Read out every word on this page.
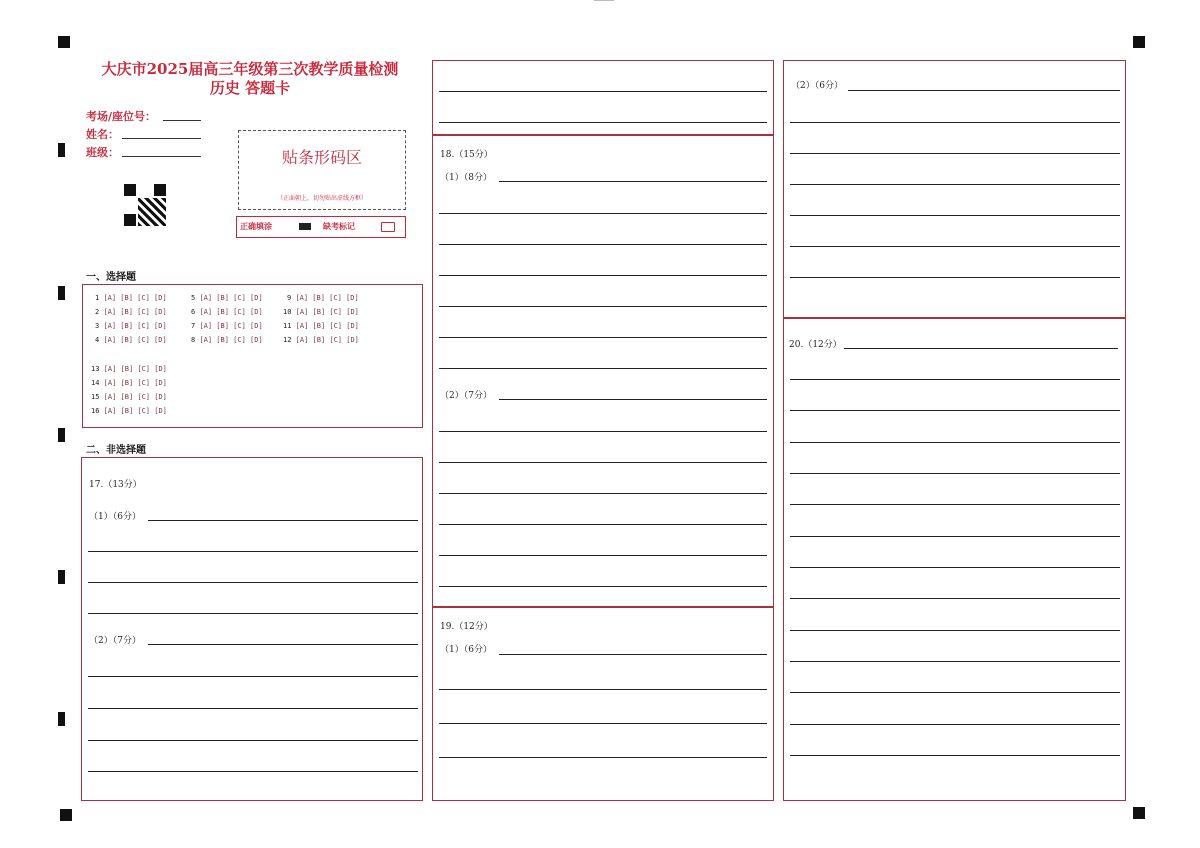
大庆市2025届高三年级第三次教学质量检测
历史 答题卡
考场/座位号：
姓名：
班级：	贴条形码区
（正面朝上，切勿贴出虚线方框）
正确填涂	缺考标记
一、选择题
1 [A] [B] [C] [D]
2 [A] [B] [C] [D]
3 [A] [B] [C] [D]
4 [A] [B] [C] [D]
5 [A] [B] [C] [D]
6 [A] [B] [C] [D]
7 [A] [B] [C] [D]
8 [A] [B] [C] [D]
9 [A] [B] [C] [D]
10 [A] [B] [C] [D]
11 [A] [B] [C] [D]
12 [A] [B] [C] [D]
13 [A] [B] [C] [D]
14 [A] [B] [C] [D]
15 [A] [B] [C] [D]
16 [A] [B] [C] [D]
二、非选择题
17.（13分）
（1）（6分）
（2）（7分）
18.（15分）
（1）（8分）
（2）（7分）
19.（12分）
（1）（6分）
（2）（6分）
20.（12分）
